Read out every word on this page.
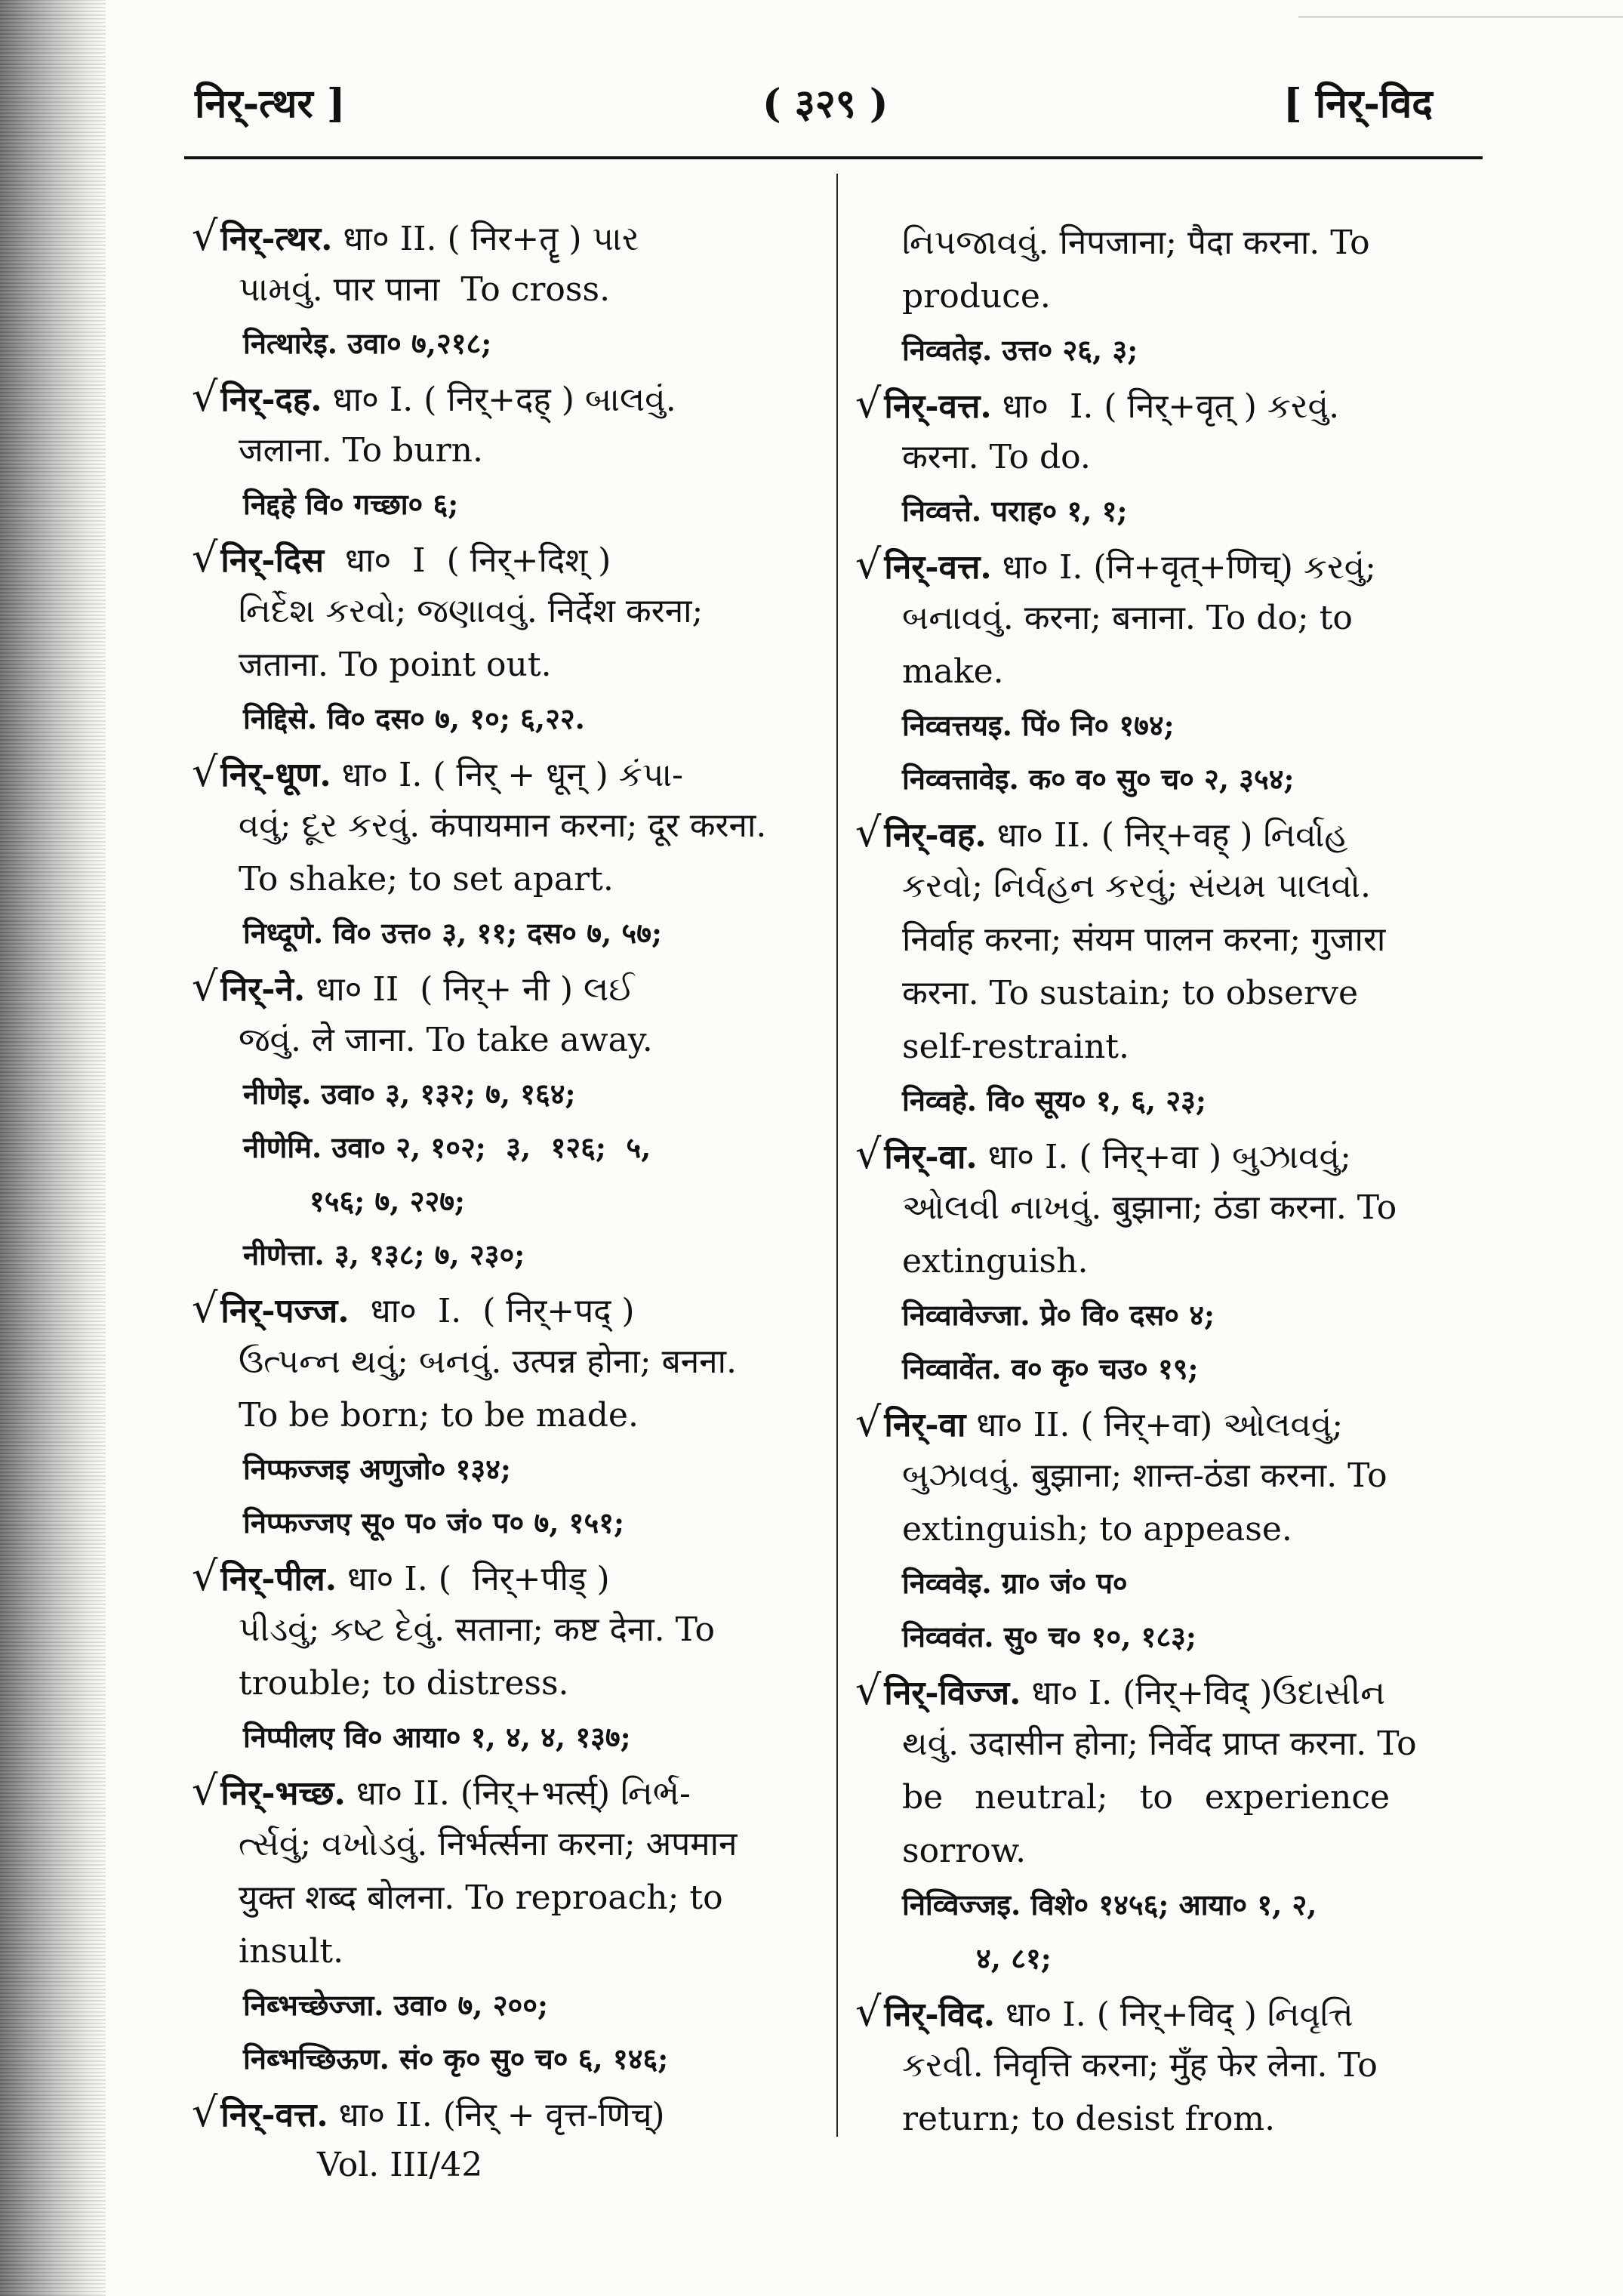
निर्-त्थर ]	( ३२९ )	[ निर्-विद
√निर्-त्थर. धा० II. ( निर+तॄ ) પાર
પામવું. पार पाना  To cross.
नित्थारेइ. उवा० ७,२१८;
√निर्-दह. धा० I. ( निर्+दह् ) બાલવું.
जलाना. To burn.
निद्दहे वि० गच्छा० ६;
√निर्-दिस  धा०  I  ( निर्+दिश् )
નિર્દેશ કરવો; જણાવવું. निर्देश करना;
जताना. To point out.
निद्दिसे. वि० दस० ७, १०; ६,२२.
√निर्-धूण. धा० I. ( निर् + धून् ) કંપા-
વવું; દૂર કરવું. कंपायमान करना; दूर करना.
To shake; to set apart.
निध्दूणे. वि० उत्त० ३, ११; दस० ७, ५७;
√निर्-ने. धा० II  ( निर्+ नी ) લઈ
જવું. ले जाना. To take away.
नीणेइ. उवा० ३, १३२; ७, १६४;
नीणेमि. उवा० २, १०२;  ३,  १२६;  ५,
१५६; ७, २२७;
नीणेत्ता. ३, १३८; ७, २३०;
√निर्-पज्ज.  धा०  I.  ( निर्+पद् )
ઉત્પન્ન થવું; બનવું. उत्पन्न होना; बनना.
To be born; to be made.
निप्फज्जइ अणुजो० १३४;
निप्फज्जए सू० प० जं० प० ७, १५१;
√निर्-पील. धा० I. (  निर्+पीड् )
પીડવું; કષ્ટ દેવું. सताना; कष्ट देना. To
trouble; to distress.
निप्पीलए वि० आया० १, ४, ४, १३७;
√निर्-भच्छ. धा० II. (निर्+भर्त्स्) નિર્ભ-
ર્ત્સવું; વખોડવું. निर्भर्त्सना करना; अपमान
युक्त शब्द बोलना. To reproach; to
insult.
निब्भच्छेज्जा. उवा० ७, २००;
निब्भच्छिऊण. सं० कृ० सु० च० ६, १४६;
√निर्-वत्त. धा० II. (निर् + वृत्त-णिच्)
નિપજાવવું. निपजाना; पैदा करना. To
produce.
निव्वतेइ. उत्त० २६, ३;
√निर्-वत्त. धा०  I. ( निर्+वृत् ) કરવું.
करना. To do.
निव्वत्ते. पराह० १, १;
√निर्-वत्त. धा० I. (नि+वृत्+णिच्) કરવું;
બનાવવું. करना; बनाना. To do; to
make.
निव्वत्तयइ. पिं० नि० १७४;
निव्वत्तावेइ. क० व० सु० च० २, ३५४;
√निर्-वह. धा० II. ( निर्+वह् ) નિર્વાહ
કરવો; નિર્વહન કરવું; સંયમ પાલવો.
निर्वाह करना; संयम पालन करना; गुजारा
करना. To sustain; to observe
self-restraint.
निव्वहे. वि० सूय० १, ६, २३;
√निर्-वा. धा० I. ( निर्+वा ) બુઝાવવું;
ઓલવી નાખવું. बुझाना; ठंडा करना. To
extinguish.
निव्वावेज्जा. प्रे० वि० दस० ४;
निव्वावेंत. व० कृ० चउ० १९;
√निर्-वा धा० II. ( निर्+वा) ઓલવવું;
બુઝાવવું. बुझाना; शान्त-ठंडा करना. To
extinguish; to appease.
निव्ववेइ. ग्रा० जं० प०
निव्ववंत. सु० च० १०, १८३;
√निर्-विज्ज. धा० I. (निर्+विद् )ઉદાસીન
થવું. उदासीन होना; निर्वेद प्राप्त करना. To
be   neutral;   to   experience
sorrow.
निव्विज्जइ. विशे० १४५६; आया० १, २,
४, ८१;
√निर्-विद. धा० I. ( निर्+विद् ) નિવૃત્તિ
કરવી. निवृत्ति करना; मुँह फेर लेना. To
return; to desist from.
Vol. III/42
